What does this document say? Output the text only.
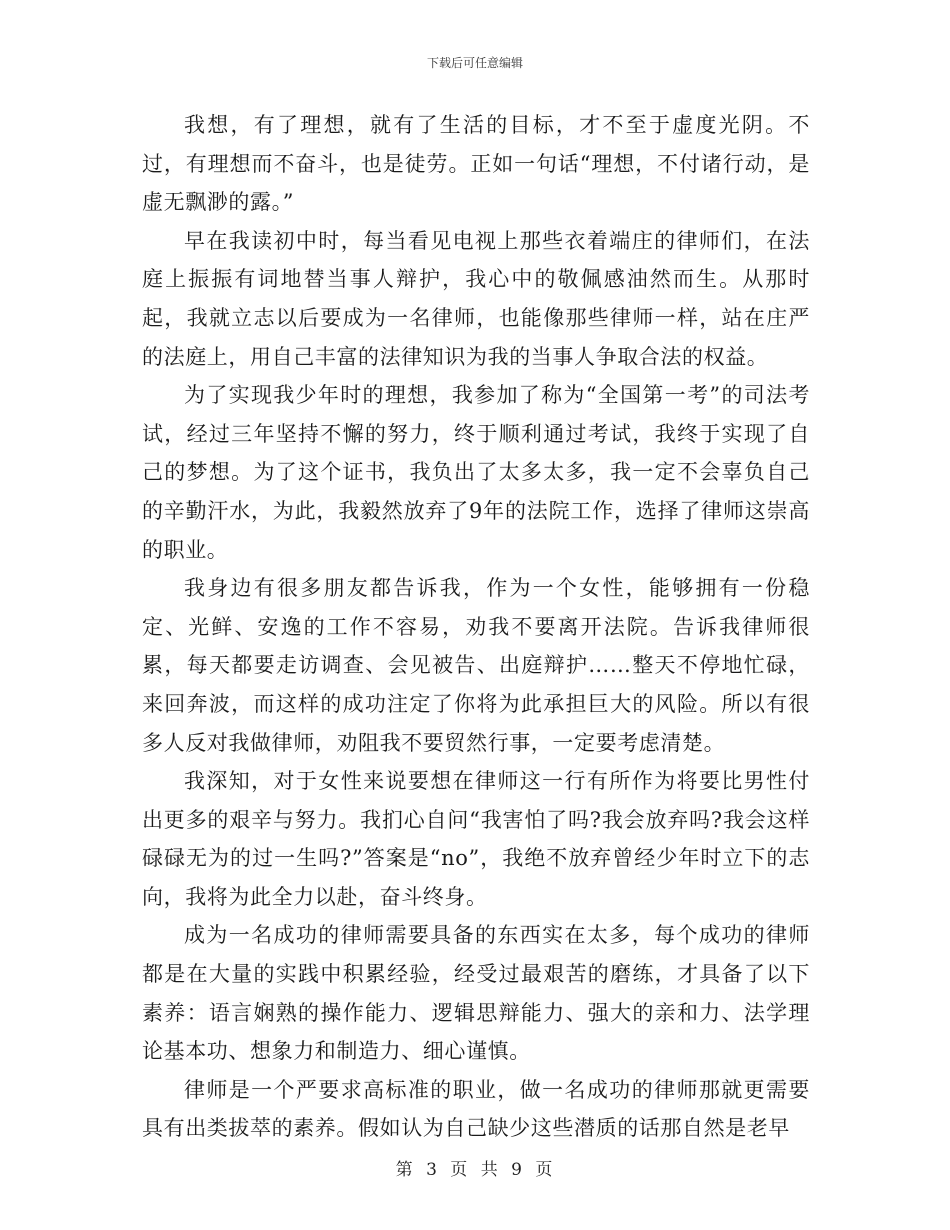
下载后可任意编辑

我想，有了理想，就有了生活的目标，才不至于虚度光阴。不过，有理想而不奋斗，也是徒劳。正如一句话“理想，不付诸行动，是虚无飘渺的露。”

早在我读初中时，每当看见电视上那些衣着端庄的律师们，在法庭上振振有词地替当事人辩护，我心中的敬佩感油然而生。从那时起，我就立志以后要成为一名律师，也能像那些律师一样，站在庄严的法庭上，用自己丰富的法律知识为我的当事人争取合法的权益。

为了实现我少年时的理想，我参加了称为“全国第一考”的司法考试，经过三年坚持不懈的努力，终于顺利通过考试，我终于实现了自己的梦想。为了这个证书，我负出了太多太多，我一定不会辜负自己的辛勤汗水，为此，我毅然放弃了9年的法院工作，选择了律师这崇高的职业。

我身边有很多朋友都告诉我，作为一个女性，能够拥有一份稳定、光鲜、安逸的工作不容易，劝我不要离开法院。告诉我律师很累，每天都要走访调查、会见被告、出庭辩护……整天不停地忙碌，来回奔波，而这样的成功注定了你将为此承担巨大的风险。所以有很多人反对我做律师，劝阻我不要贸然行事，一定要考虑清楚。

我深知，对于女性来说要想在律师这一行有所作为将要比男性付出更多的艰辛与努力。我扪心自问“我害怕了吗?我会放弃吗?我会这样碌碌无为的过一生吗?”答案是“no”，我绝不放弃曾经少年时立下的志向，我将为此全力以赴，奋斗终身。

成为一名成功的律师需要具备的东西实在太多，每个成功的律师都是在大量的实践中积累经验，经受过最艰苦的磨练，才具备了以下素养：语言娴熟的操作能力、逻辑思辩能力、强大的亲和力、法学理论基本功、想象力和制造力、细心谨慎。

律师是一个严要求高标准的职业，做一名成功的律师那就更需要具有出类拔萃的素养。假如认为自己缺少这些潜质的话那自然是老早

第 3 页 共 9 页
